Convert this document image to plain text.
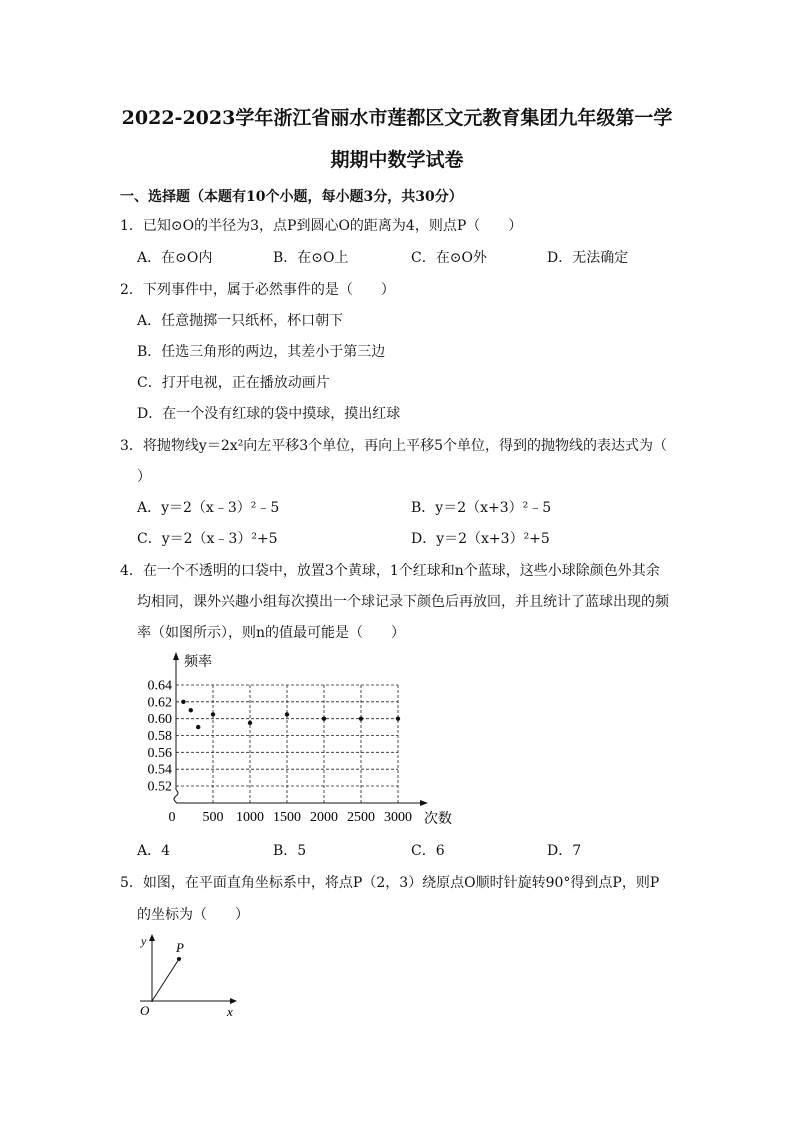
2022-2023学年浙江省丽水市莲都区文元教育集团九年级第一学
期期中数学试卷
一、选择题（本题有10个小题，每小题3分，共30分）
1．已知⊙O的半径为3，点P到圆心O的距离为4，则点P（　　）
A．在⊙O内	B．在⊙O上	C．在⊙O外	D．无法确定
2．下列事件中，属于必然事件的是（　　）
A．任意抛掷一只纸杯，杯口朝下
B．任选三角形的两边，其差小于第三边
C．打开电视，正在播放动画片
D．在一个没有红球的袋中摸球，摸出红球
3．将抛物线y＝2x²向左平移3个单位，再向上平移5个单位，得到的抛物线的表达式为（
）
A．y＝2（x﹣3）²﹣5	B．y＝2（x+3）²﹣5
C．y＝2（x﹣3）²+5	D．y＝2（x+3）²+5
4．在一个不透明的口袋中，放置3个黄球，1个红球和n个蓝球，这些小球除颜色外其余
均相同，课外兴趣小组每次摸出一个球记录下颜色后再放回，并且统计了蓝球出现的频
率（如图所示），则n的值最可能是（　　）
0.52
0.54
0.56
0.58
0.60
0.62
0.64
0 500 1000 1500 2000 2500 3000
频率
次数
A．4	B．5	C．6	D．7
5．如图，在平面直角坐标系中，将点P（2，3）绕原点O顺时针旋转90°得到点P，则P
的坐标为（　　）
y P
O	x
